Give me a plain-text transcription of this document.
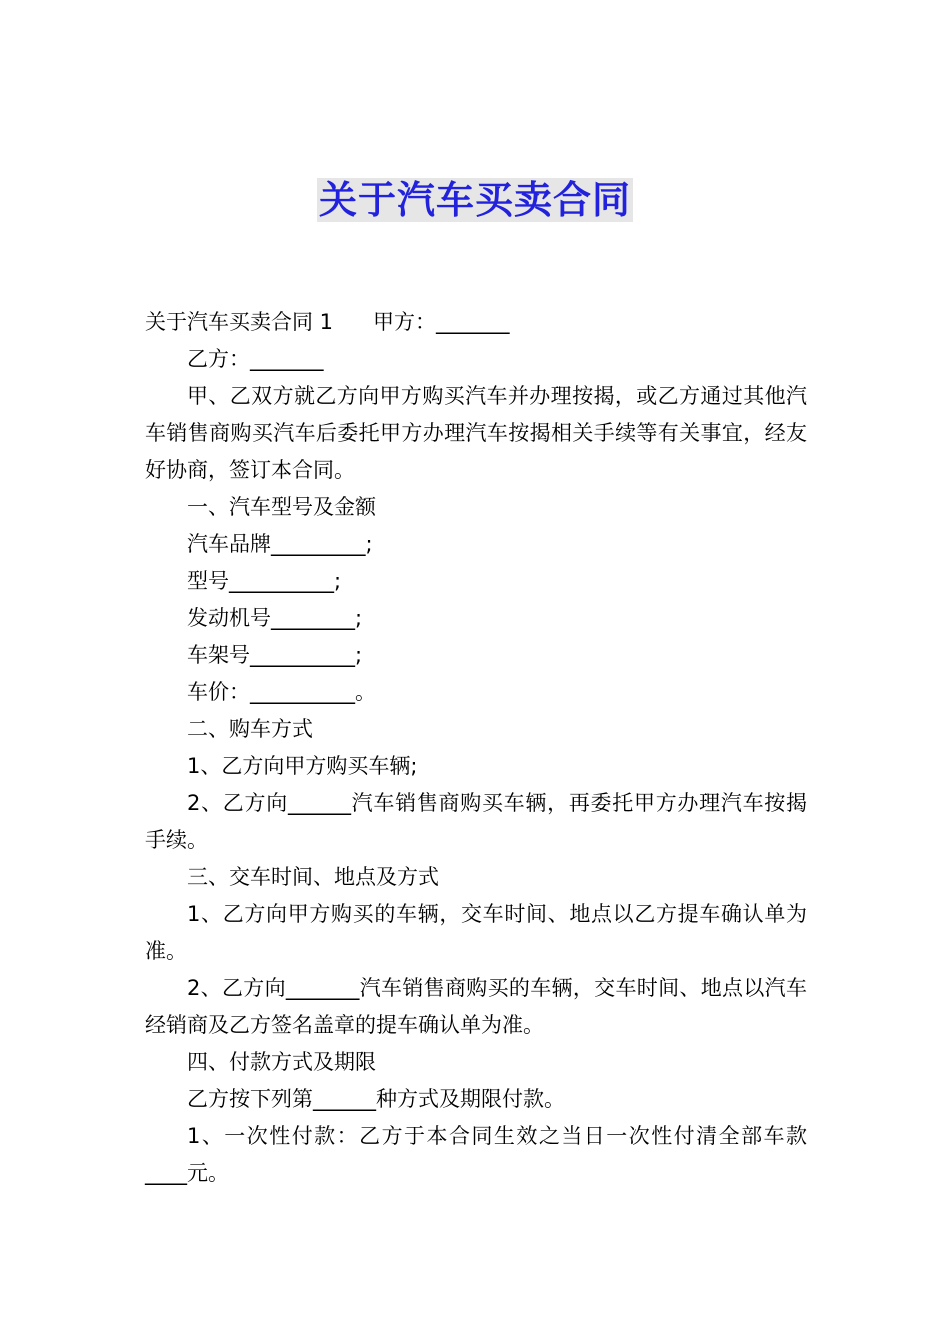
关于汽车买卖合同

关于汽车买卖合同 1 甲方：_______

乙方：_______

甲、乙双方就乙方向甲方购买汽车并办理按揭，或乙方通过其他汽车销售商购买汽车后委托甲方办理汽车按揭相关手续等有关事宜，经友好协商，签订本合同。

一、汽车型号及金额

汽车品牌_________;

型号__________;

发动机号________;

车架号__________;

车价：__________。

二、购车方式

1、乙方向甲方购买车辆;

2、乙方向______汽车销售商购买车辆，再委托甲方办理汽车按揭手续。

三、交车时间、地点及方式

1、乙方向甲方购买的车辆，交车时间、地点以乙方提车确认单为准。

2、乙方向_______汽车销售商购买的车辆，交车时间、地点以汽车经销商及乙方签名盖章的提车确认单为准。

四、付款方式及期限

乙方按下列第______种方式及期限付款。

1、一次性付款：乙方于本合同生效之当日一次性付清全部车款____元。
